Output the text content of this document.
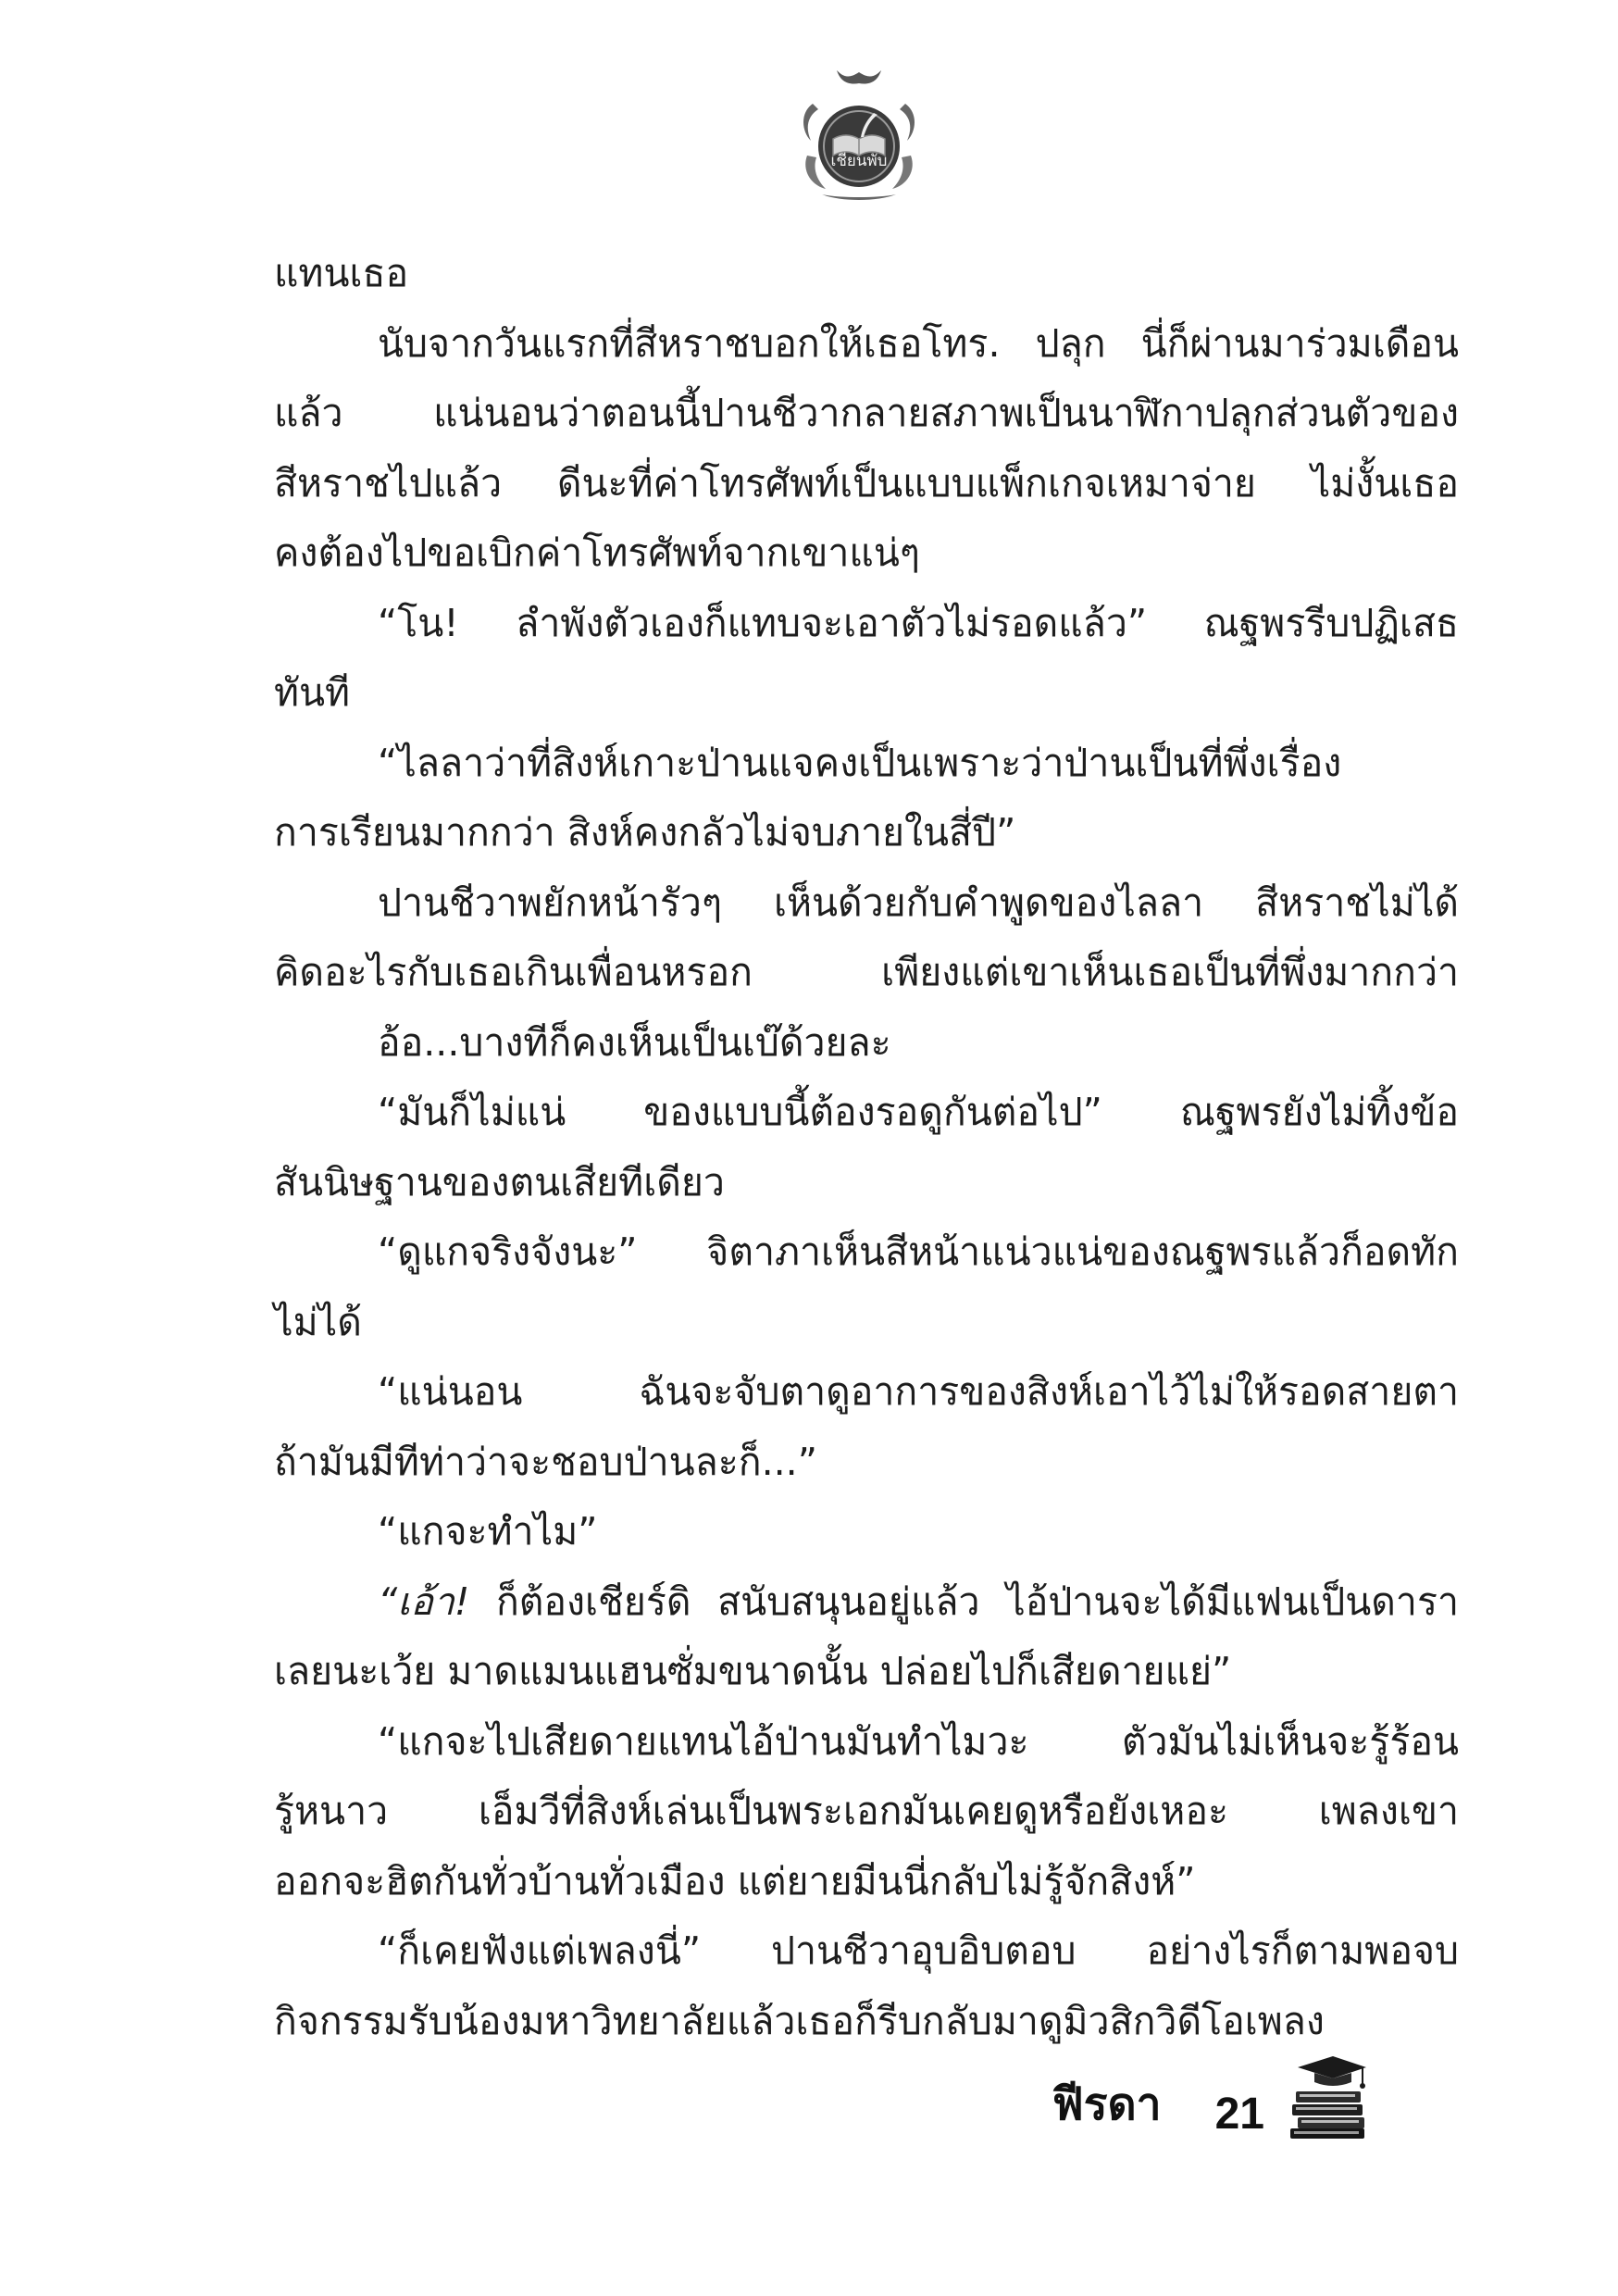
เชียนพับ
แทนเธอ
นับจากวันแรกที่สีหราชบอกให้เธอโทร. ปลุก นี่ก็ผ่านมาร่วมเดือน
แล้ว แน่นอนว่าตอนนี้ปานชีวากลายสภาพเป็นนาฬิกาปลุกส่วนตัวของ
สีหราชไปแล้ว ดีนะที่ค่าโทรศัพท์เป็นแบบแพ็กเกจเหมาจ่าย ไม่งั้นเธอ
คงต้องไปขอเบิกค่าโทรศัพท์จากเขาแน่ๆ
“โน! ลำพังตัวเองก็แทบจะเอาตัวไม่รอดแล้ว” ณฐพรรีบปฏิเสธ
ทันที
“ไลลาว่าที่สิงห์เกาะป่านแจคงเป็นเพราะว่าป่านเป็นที่พึ่งเรื่อง
การเรียนมากกว่า สิงห์คงกลัวไม่จบภายในสี่ปี”
ปานชีวาพยักหน้ารัวๆ เห็นด้วยกับคำพูดของไลลา สีหราชไม่ได้
คิดอะไรกับเธอเกินเพื่อนหรอก เพียงแต่เขาเห็นเธอเป็นที่พึ่งมากกว่า
อ้อ...บางทีก็คงเห็นเป็นเบ๊ด้วยละ
“มันก็ไม่แน่ ของแบบนี้ต้องรอดูกันต่อไป” ณฐพรยังไม่ทิ้งข้อ
สันนิษฐานของตนเสียทีเดียว
“ดูแกจริงจังนะ” จิตาภาเห็นสีหน้าแน่วแน่ของณฐพรแล้วก็อดทัก
ไม่ได้
“แน่นอน ฉันจะจับตาดูอาการของสิงห์เอาไว้ไม่ให้รอดสายตา
ถ้ามันมีทีท่าว่าจะชอบป่านละก็...”
“แกจะทำไม”
“เอ้า! ก็ต้องเชียร์ดิ สนับสนุนอยู่แล้ว ไอ้ป่านจะได้มีแฟนเป็นดารา
เลยนะเว้ย มาดแมนแฮนซั่มขนาดนั้น ปล่อยไปก็เสียดายแย่”
“แกจะไปเสียดายแทนไอ้ป่านมันทำไมวะ ตัวมันไม่เห็นจะรู้ร้อน
รู้หนาว เอ็มวีที่สิงห์เล่นเป็นพระเอกมันเคยดูหรือยังเหอะ เพลงเขา
ออกจะฮิตกันทั่วบ้านทั่วเมือง แต่ยายมีนนี่กลับไม่รู้จักสิงห์”
“ก็เคยฟังแต่เพลงนี่” ปานชีวาอุบอิบตอบ อย่างไรก็ตามพอจบ
กิจกรรมรับน้องมหาวิทยาลัยแล้วเธอก็รีบกลับมาดูมิวสิกวิดีโอเพลง
ฟีรดา 21
